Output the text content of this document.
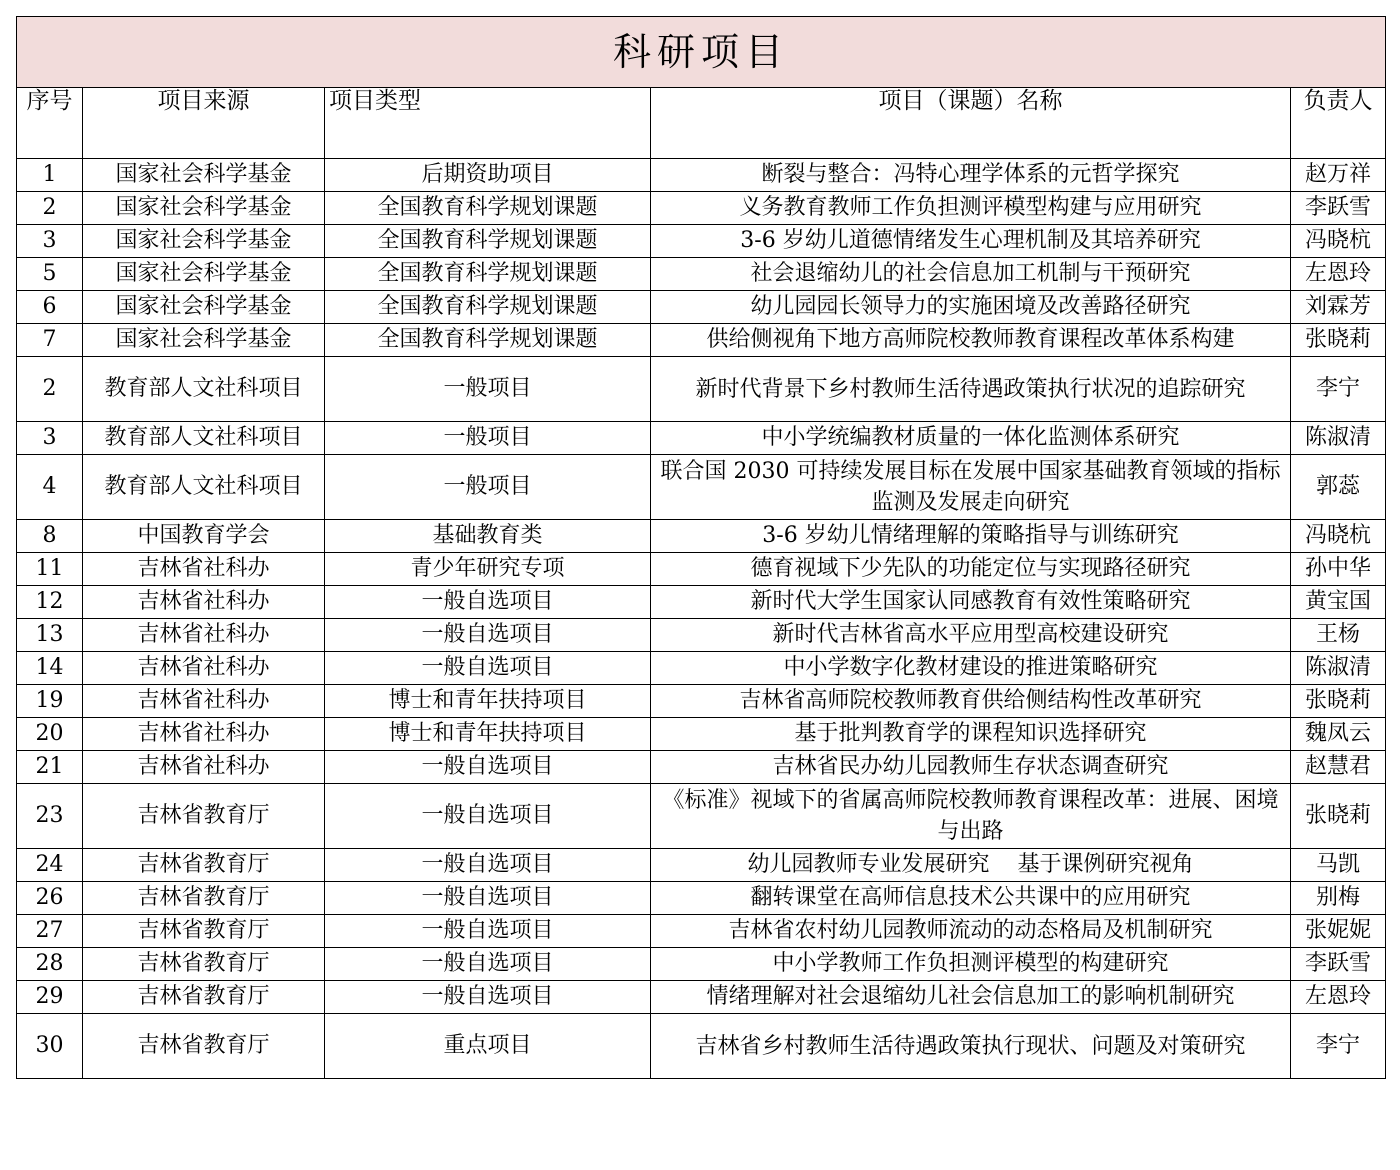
科研项目				
序号	项目来源	项目类型	项目（课题）名称	负责人
1	国家社会科学基金	后期资助项目	断裂与整合：冯特心理学体系的元哲学探究	赵万祥
2	国家社会科学基金	全国教育科学规划课题	义务教育教师工作负担测评模型构建与应用研究	李跃雪
3	国家社会科学基金	全国教育科学规划课题	3-6 岁幼儿道德情绪发生心理机制及其培养研究	冯晓杭
5	国家社会科学基金	全国教育科学规划课题	社会退缩幼儿的社会信息加工机制与干预研究	左恩玲
6	国家社会科学基金	全国教育科学规划课题	幼儿园园长领导力的实施困境及改善路径研究	刘霖芳
7	国家社会科学基金	全国教育科学规划课题	供给侧视角下地方高师院校教师教育课程改革体系构建	张晓莉
2	教育部人文社科项目	一般项目	新时代背景下乡村教师生活待遇政策执行状况的追踪研究	李宁
3	教育部人文社科项目	一般项目	中小学统编教材质量的一体化监测体系研究	陈淑清
4	教育部人文社科项目	一般项目	联合国 2030 可持续发展目标在发展中国家基础教育领域的指标监测及发展走向研究	郭蕊
8	中国教育学会	基础教育类	3-6 岁幼儿情绪理解的策略指导与训练研究	冯晓杭
11	吉林省社科办	青少年研究专项	德育视域下少先队的功能定位与实现路径研究	孙中华
12	吉林省社科办	一般自选项目	新时代大学生国家认同感教育有效性策略研究	黄宝国
13	吉林省社科办	一般自选项目	新时代吉林省高水平应用型高校建设研究	王杨
14	吉林省社科办	一般自选项目	中小学数字化教材建设的推进策略研究	陈淑清
19	吉林省社科办	博士和青年扶持项目	吉林省高师院校教师教育供给侧结构性改革研究	张晓莉
20	吉林省社科办	博士和青年扶持项目	基于批判教育学的课程知识选择研究	魏凤云
21	吉林省社科办	一般自选项目	吉林省民办幼儿园教师生存状态调查研究	赵慧君
23	吉林省教育厅	一般自选项目	《标准》视域下的省属高师院校教师教育课程改革：进展、困境与出路	张晓莉
24	吉林省教育厅	一般自选项目	幼儿园教师专业发展研究    基于课例研究视角	马凯
26	吉林省教育厅	一般自选项目	翻转课堂在高师信息技术公共课中的应用研究	别梅
27	吉林省教育厅	一般自选项目	吉林省农村幼儿园教师流动的动态格局及机制研究	张妮妮
28	吉林省教育厅	一般自选项目	中小学教师工作负担测评模型的构建研究	李跃雪
29	吉林省教育厅	一般自选项目	情绪理解对社会退缩幼儿社会信息加工的影响机制研究	左恩玲
30	吉林省教育厅	重点项目	吉林省乡村教师生活待遇政策执行现状、问题及对策研究	李宁
